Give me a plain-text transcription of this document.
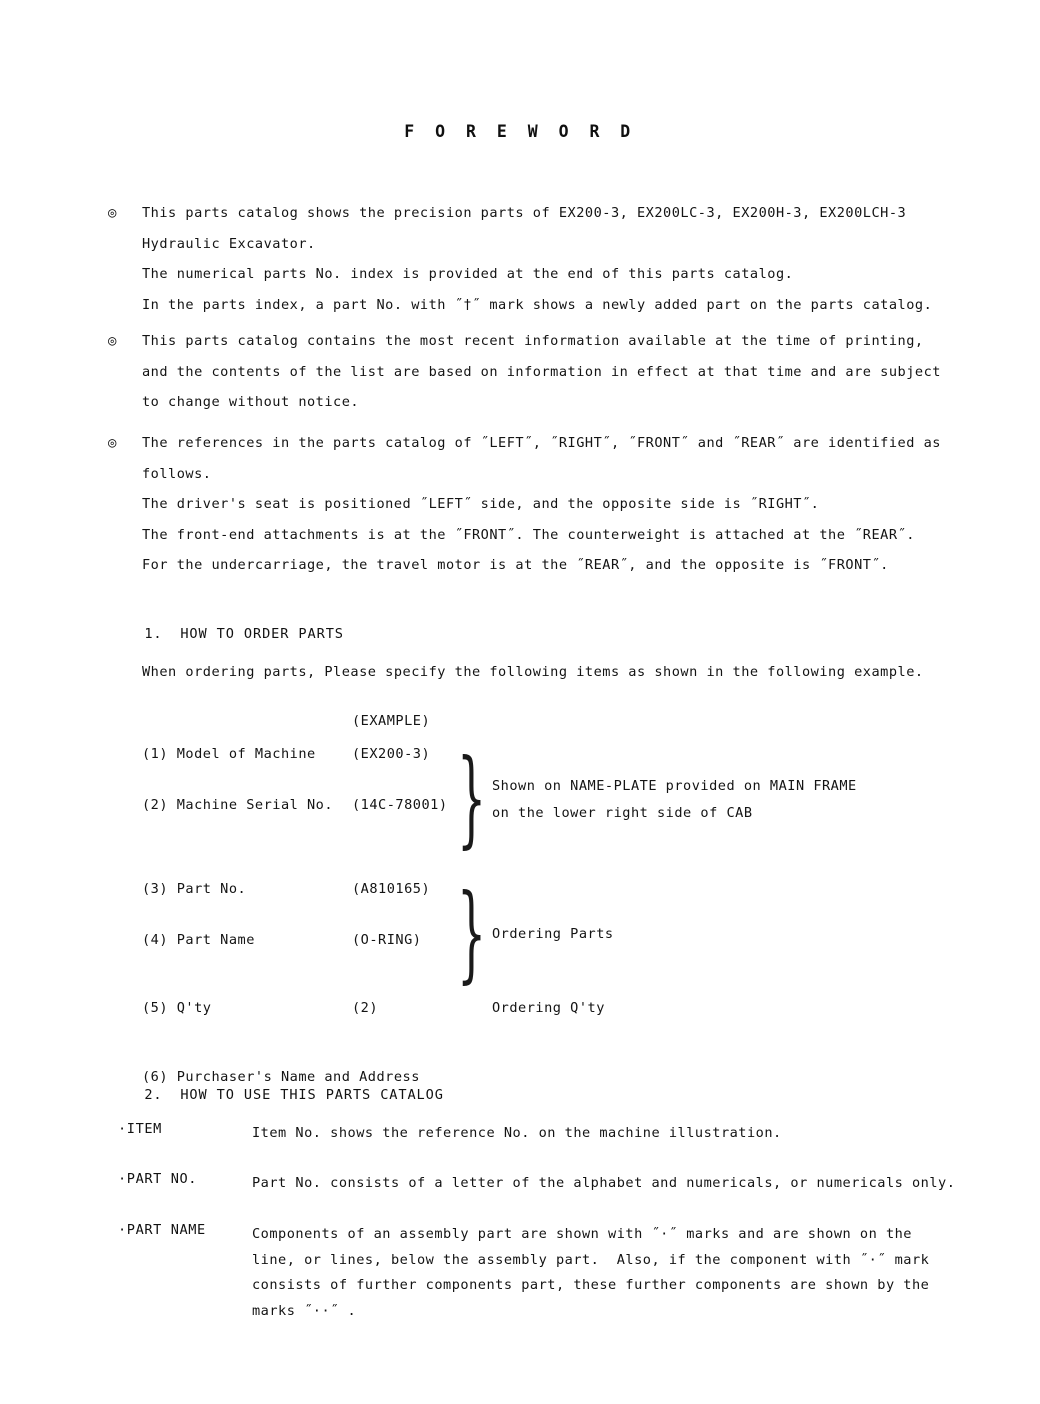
F O R E W O R D
◎	This parts catalog shows the precision parts of EX200-3, EX200LC-3, EX200H-3, EX200LCH-3
Hydraulic Excavator.
The numerical parts No. index is provided at the end of this parts catalog.
In the parts index, a part No. with ˝†˝ mark shows a newly added part on the parts catalog.
◎	This parts catalog contains the most recent information available at the time of printing,
and the contents of the list are based on information in effect at that time and are subject
to change without notice.
◎	The references in the parts catalog of ˝LEFT˝, ˝RIGHT˝, ˝FRONT˝ and ˝REAR˝ are identified as
follows.
The driver's seat is positioned ˝LEFT˝ side, and the opposite side is ˝RIGHT˝.
The front-end attachments is at the ˝FRONT˝. The counterweight is attached at the ˝REAR˝.
For the undercarriage, the travel motor is at the ˝REAR˝, and the opposite is ˝FRONT˝.

1. HOW TO ORDER PARTS

When ordering parts, Please specify the following items as shown in the following example.
(EXAMPLE)
(1) Model of Machine	(EX200-3)
(2) Machine Serial No. (14C-78001) } Shown on NAME-PLATE provided on MAIN FRAME
on the lower right side of CAB
(3) Part No.	(A810165)
(4) Part Name	(O-RING) } Ordering Parts
(5) Q'ty	(2)	Ordering Q'ty
(6) Purchaser's Name and Address

2. HOW TO USE THIS PARTS CATALOG

·ITEM	Item No. shows the reference No. on the machine illustration.
·PART NO.	Part No. consists of a letter of the alphabet and numericals, or numericals only.
·PART NAME	Components of an assembly part are shown with ˝·˝ marks and are shown on the
line, or lines, below the assembly part.  Also, if the component with ˝·˝ mark
consists of further components part, these further components are shown by the
marks ˝··˝ .
